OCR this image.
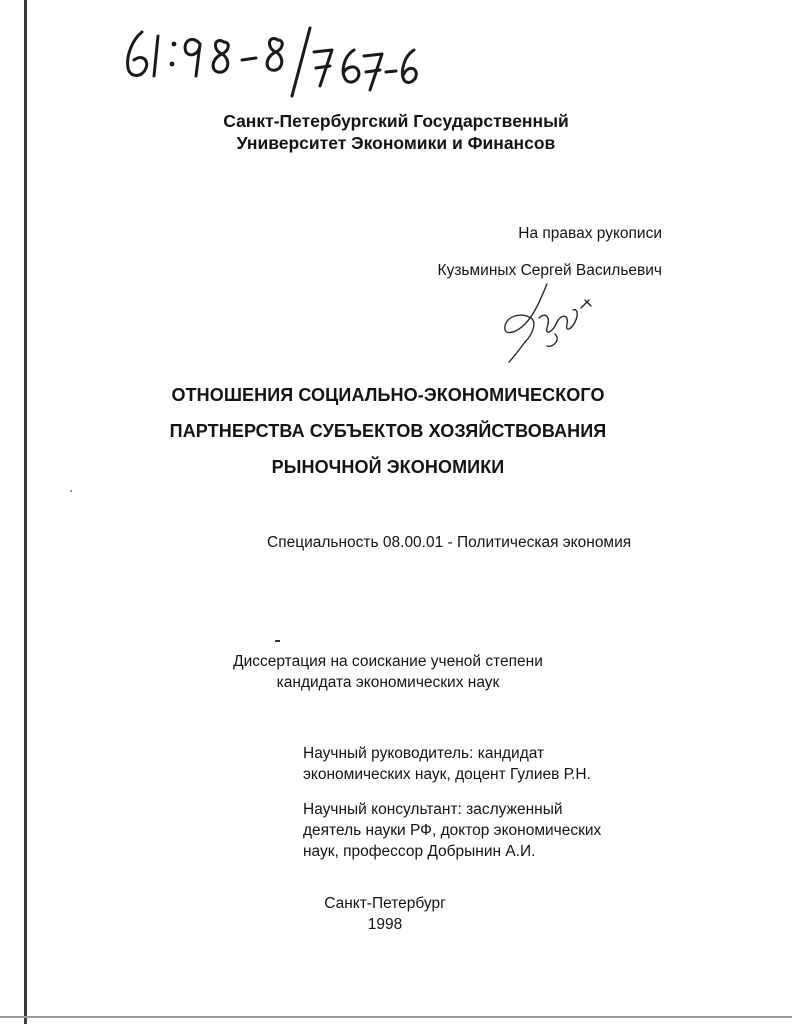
Санкт-Петербургский Государственный
Университет Экономики и Финансов
На правах рукописи
Кузьминых Сергей Васильевич
ОТНОШЕНИЯ СОЦИАЛЬНО-ЭКОНОМИЧЕСКОГО
ПАРТНЕРСТВА СУБЪЕКТОВ ХОЗЯЙСТВОВАНИЯ
РЫНОЧНОЙ ЭКОНОМИКИ
Специальность 08.00.01 - Политическая экономия
Диссертация на соискание ученой степени
кандидата экономических наук
Научный руководитель: кандидат
экономических наук, доцент Гулиев Р.Н.
Научный консультант: заслуженный
деятель науки РФ, доктор экономических
наук, профессор Добрынин А.И.
Санкт-Петербург
1998
